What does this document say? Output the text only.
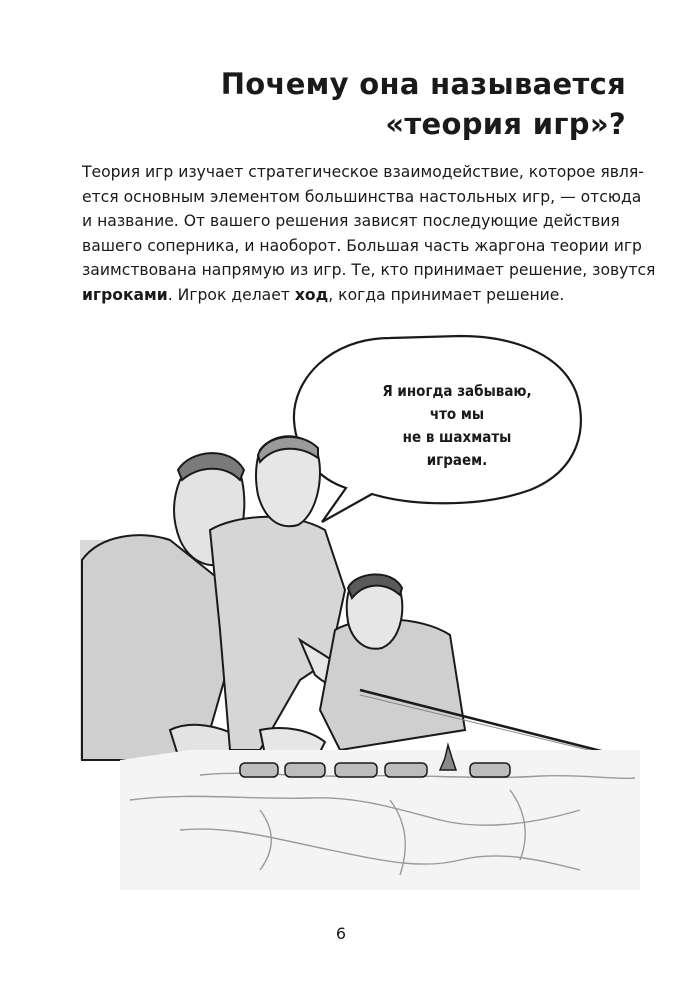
Почему она называется
«теория игр»?

Теория игр изучает стратегическое взаимодействие, которое явля-
ется основным элементом большинства настольных игр, — отсюда
и название. От вашего решения зависят последующие действия
вашего соперника, и наоборот. Большая часть жаргона теории игр
заимствована напрямую из игр. Те, кто принимает решение, зовутся
игроками. Игрок делает ход, когда принимает решение.

Я иногда забываю,
что мы
не в шахматы
играем.
6
